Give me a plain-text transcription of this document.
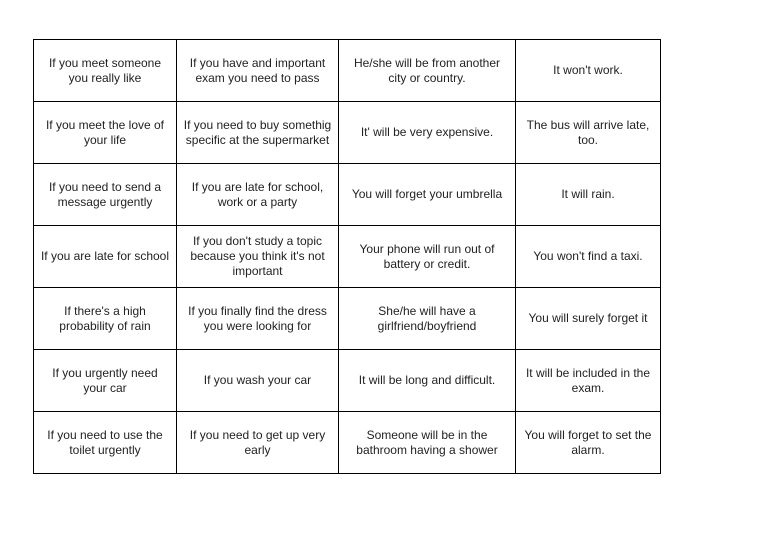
If you meet someone you really like	If you have and important exam you need to pass	He/she will be from another city or country.	It won't work.
If you meet the love of your life	If you need to buy somethig specific at the supermarket	It' will be very expensive.	The bus will arrive late, too.
If you need to send a message urgently	If you are late for school, work or a party	You will forget your umbrella	It will rain.
If you are late for school	If you don't study a topic because you think it's not important	Your phone will run out of battery or credit.	You won't find a taxi.
If there's a high probability of rain	If you finally find the dress you were looking for	She/he will have a girlfriend/boyfriend	You will surely forget it
If you urgently need your car	If you wash your car	It will be long and difficult.	It will be included in the exam.
If you need to use the toilet urgently	If you need to get up very early	Someone will be in the bathroom having a shower	You will forget to set the alarm.
